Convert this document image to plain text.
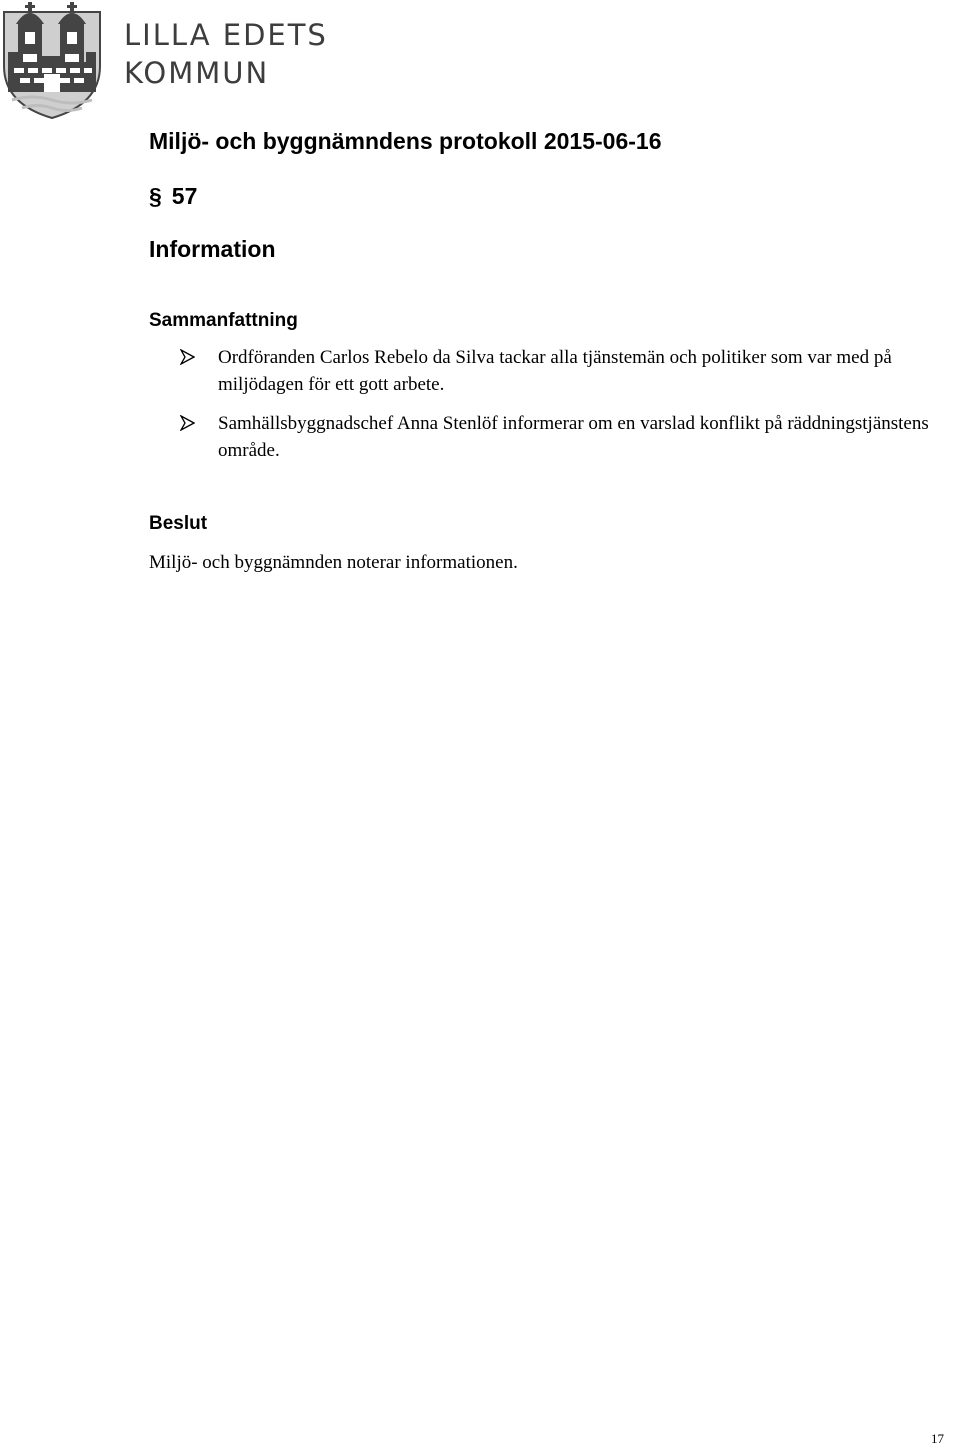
LILLA EDETS
KOMMUN
Miljö- och byggnämndens protokoll 2015-06-16
§ 57
Information
Sammanfattning
Ordföranden Carlos Rebelo da Silva tackar alla tjänstemän och politiker som var med på miljödagen för ett gott arbete.
Samhällsbyggnadschef Anna Stenlöf informerar om en varslad konflikt på räddningstjänstens område.
Beslut

Miljö- och byggnämnden noterar informationen.

17
